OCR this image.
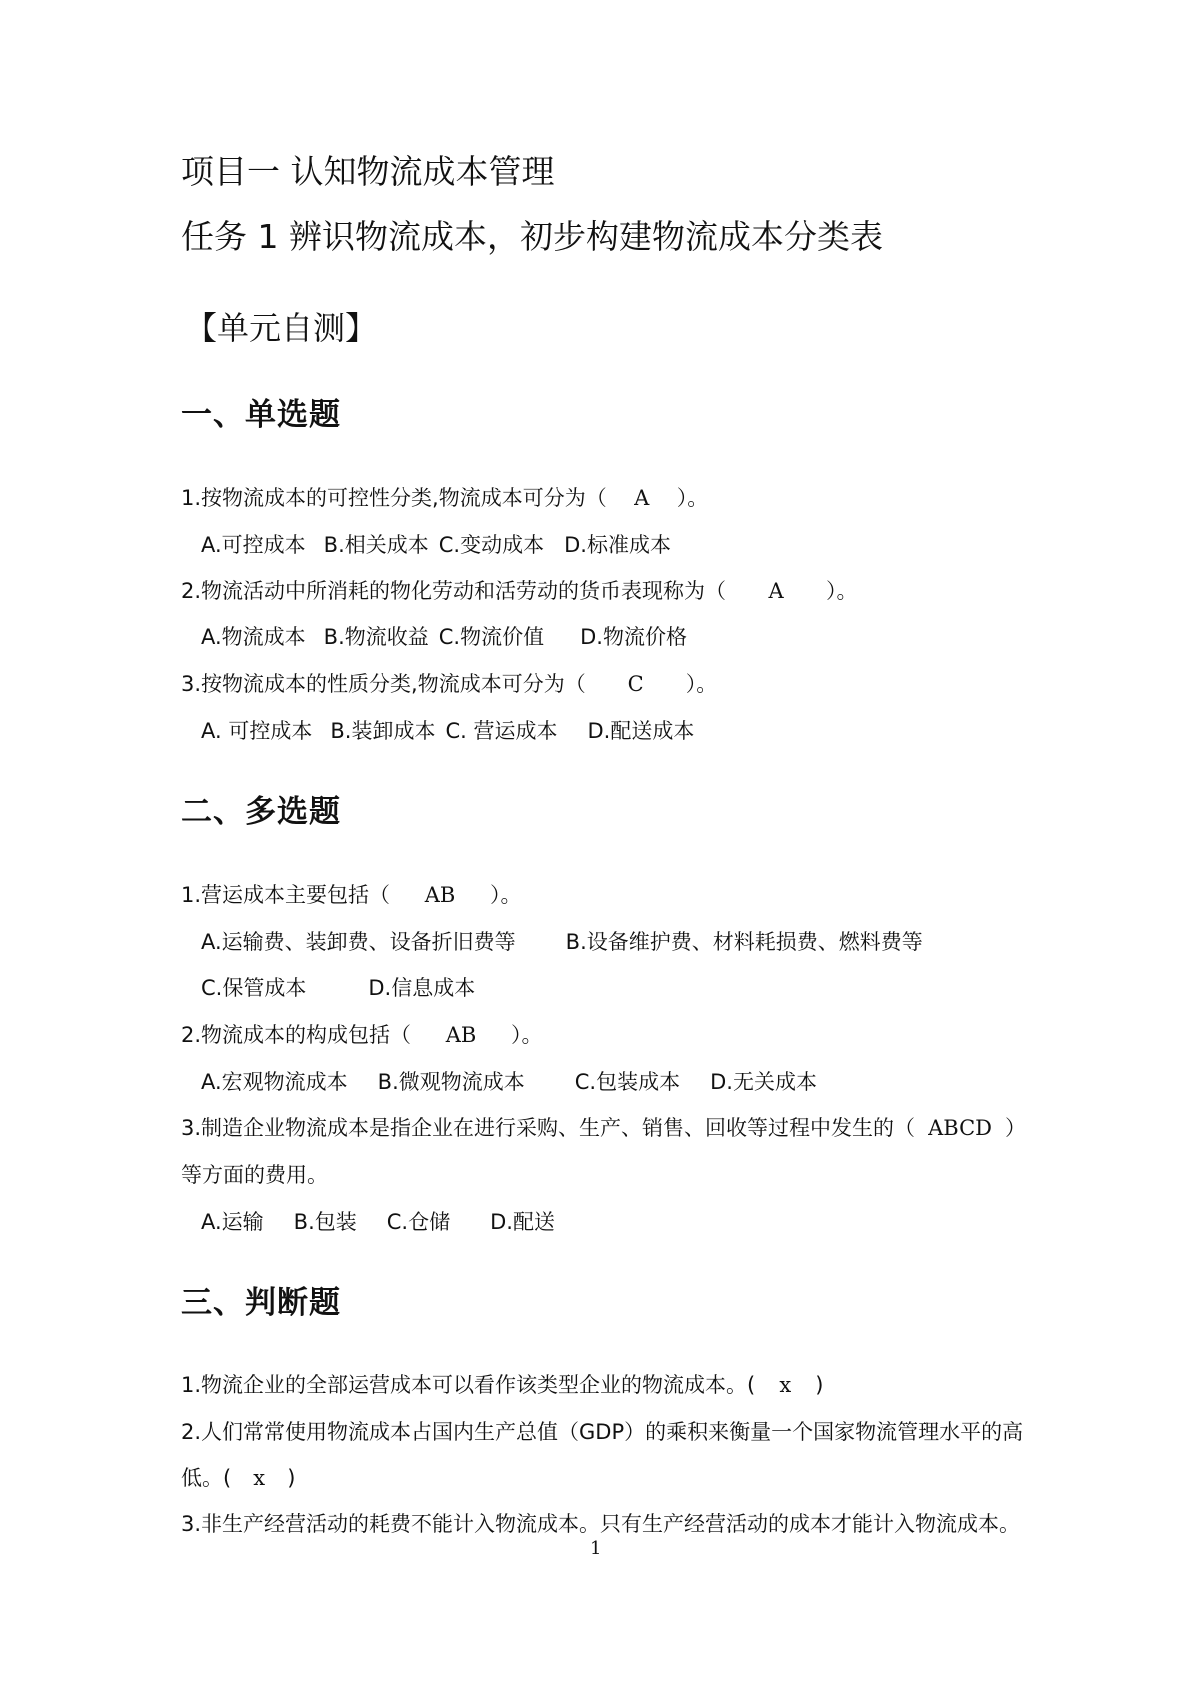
项目一 认知物流成本管理
任务 1 辨识物流成本，初步构建物流成本分类表
【单元自测】
一、单选题
1.按物流成本的可控性分类,物流成本可分为（ A ）。
A.可控成本 B.相关成本 C.变动成本 D.标准成本
2.物流活动中所消耗的物化劳动和活劳动的货币表现称为（ A ）。
A.物流成本 B.物流收益 C.物流价值 D.物流价格
3.按物流成本的性质分类,物流成本可分为（ C ）。
A. 可控成本 B.装卸成本 C. 营运成本 D.配送成本
二、多选题
1.营运成本主要包括（ AB ）。
A.运输费、装卸费、设备折旧费等 B.设备维护费、材料耗损费、燃料费等
C.保管成本	D.信息成本
2.物流成本的构成包括（ AB ）。
A.宏观物流成本 B.微观物流成本 C.包装成本 D.无关成本
3.制造企业物流成本是指企业在进行采购、生产、销售、回收等过程中发生的（ ABCD ）
等方面的费用。
A.运输 B.包装 C.仓储 D.配送
三、判断题
1.物流企业的全部运营成本可以看作该类型企业的物流成本。( x )
2.人们常常使用物流成本占国内生产总值（GDP）的乘积来衡量一个国家物流管理水平的高
低。( x )
3.非生产经营活动的耗费不能计入物流成本。只有生产经营活动的成本才能计入物流成本。
1
